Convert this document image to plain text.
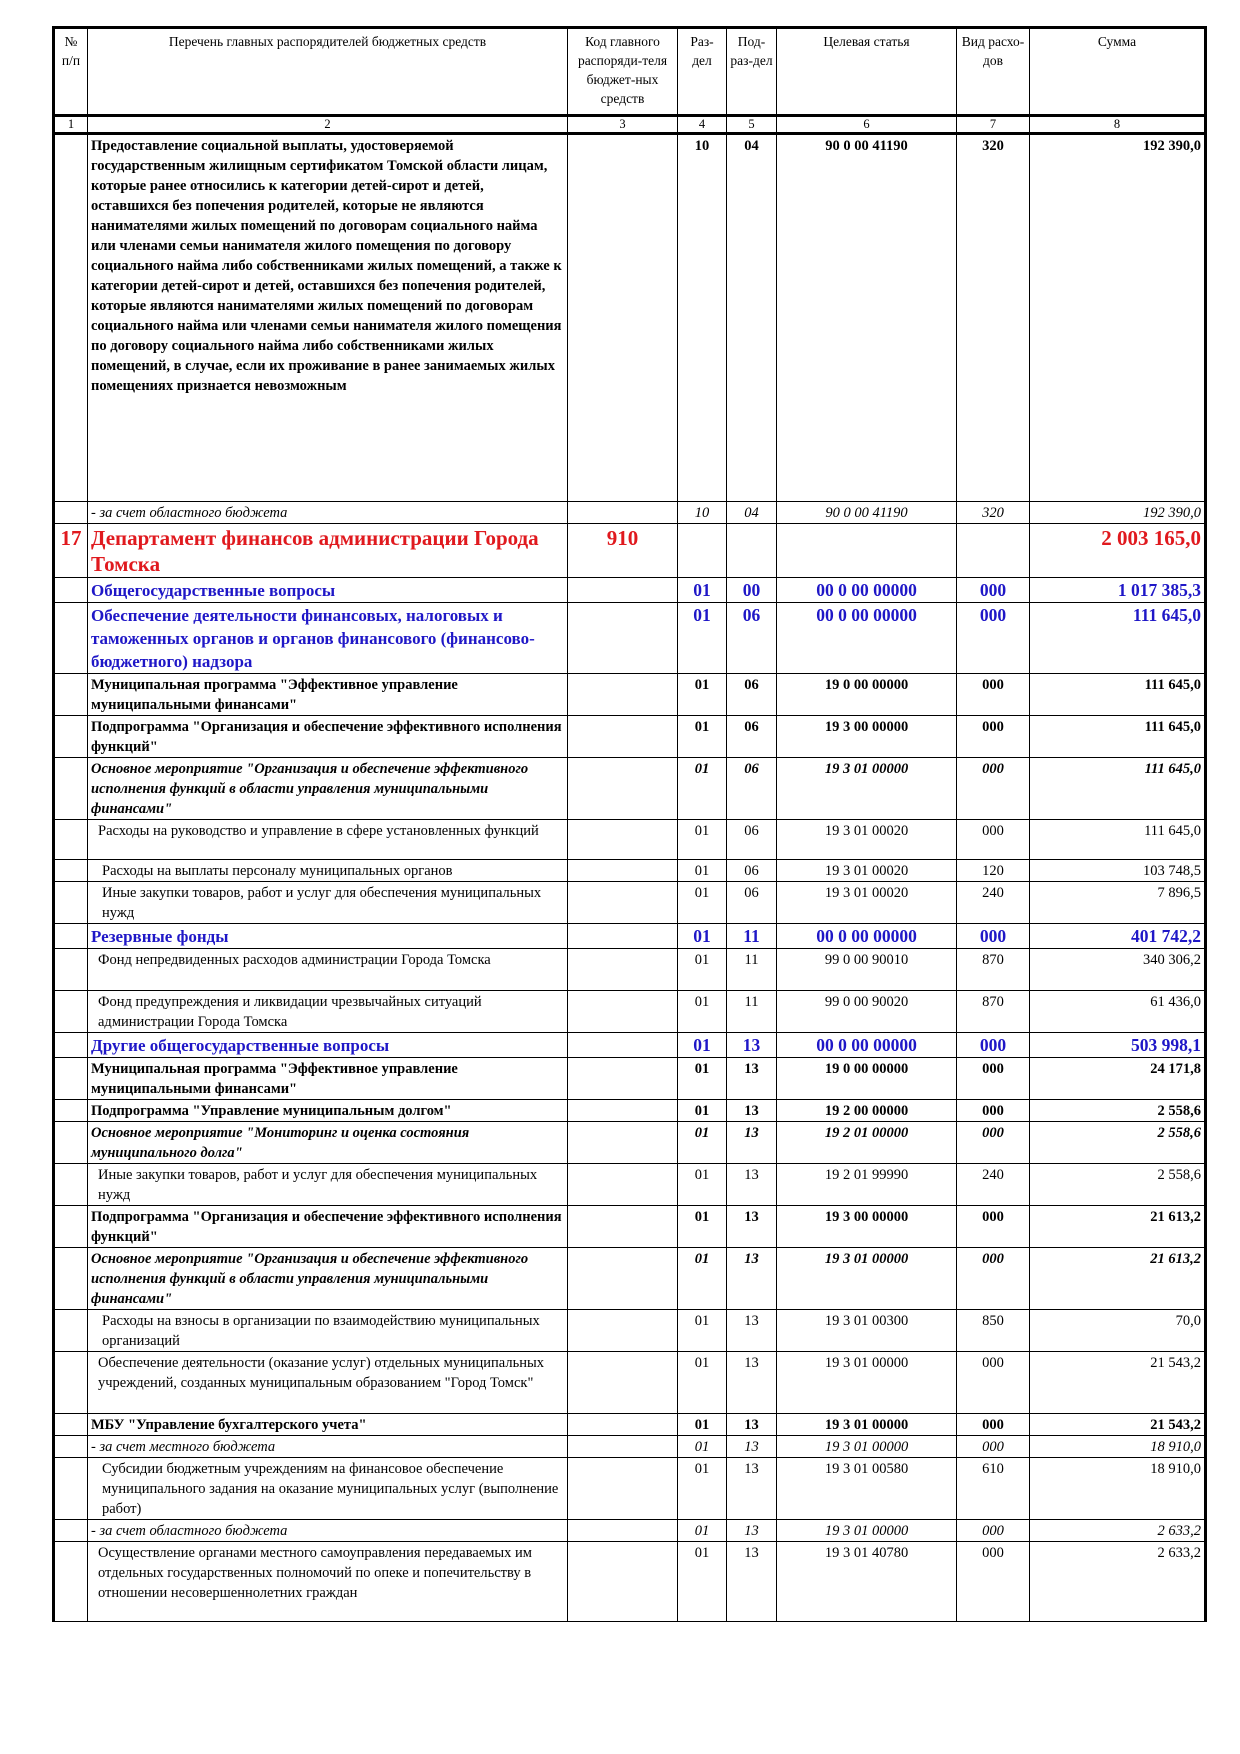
№ п/п	Перечень главных распорядителей бюджетных средств	Код главного распоряди-теля бюджет-ных средств	Раз-дел	Под-раз-дел	Целевая статья	Вид расхо-дов	Сумма
1	2	3	4	5	6	7	8
	Предоставление социальной выплаты, удостоверяемой государственным жилищным сертификатом Томской области лицам, которые ранее относились к категории детей-сирот и детей, оставшихся без попечения родителей, которые не являются нанимателями жилых помещений по договорам социального найма или членами семьи нанимателя жилого помещения по договору социального найма либо собственниками жилых помещений, а также к категории детей-сирот и детей, оставшихся без попечения родителей, которые являются нанимателями жилых помещений по договорам социального найма или членами семьи нанимателя жилого помещения по договору социального найма либо собственниками жилых помещений, в случае, если их проживание в ранее занимаемых жилых помещениях признается невозможным		10	04	90 0 00 41190	320	192 390,0
	- за счет областного бюджета		10	04	90 0 00 41190	320	192 390,0
17	Департамент финансов администрации Города Томска	910					2 003 165,0
	Общегосударственные вопросы		01	00	00 0 00 00000	000	1 017 385,3
	Обеспечение деятельности финансовых, налоговых и таможенных органов и органов финансового (финансово-бюджетного) надзора		01	06	00 0 00 00000	000	111 645,0
	Муниципальная программа "Эффективное управление муниципальными финансами"		01	06	19 0 00 00000	000	111 645,0
	Подпрограмма "Организация и обеспечение эффективного исполнения функций"		01	06	19 3 00 00000	000	111 645,0
	Основное мероприятие "Организация и обеспечение эффективного исполнения функций в области управления муниципальными финансами"		01	06	19 3 01 00000	000	111 645,0
	Расходы на руководство и управление в сфере установленных функций		01	06	19 3 01 00020	000	111 645,0
	Расходы на выплаты персоналу муниципальных органов		01	06	19 3 01 00020	120	103 748,5
	Иные закупки товаров, работ и услуг для обеспечения муниципальных нужд		01	06	19 3 01 00020	240	7 896,5
	Резервные фонды		01	11	00 0 00 00000	000	401 742,2
	Фонд непредвиденных расходов администрации Города Томска		01	11	99 0 00 90010	870	340 306,2
	Фонд предупреждения и ликвидации чрезвычайных ситуаций администрации Города Томска		01	11	99 0 00 90020	870	61 436,0
	Другие общегосударственные вопросы		01	13	00 0 00 00000	000	503 998,1
	Муниципальная программа "Эффективное управление муниципальными финансами"		01	13	19 0 00 00000	000	24 171,8
	Подпрограмма "Управление муниципальным долгом"		01	13	19 2 00 00000	000	2 558,6
	Основное мероприятие "Мониторинг и оценка состояния муниципального долга"		01	13	19 2 01 00000	000	2 558,6
	Иные закупки товаров, работ и услуг для обеспечения муниципальных нужд		01	13	19 2 01 99990	240	2 558,6
	Подпрограмма "Организация и обеспечение эффективного исполнения функций"		01	13	19 3 00 00000	000	21 613,2
	Основное мероприятие "Организация и обеспечение эффективного исполнения функций в области управления муниципальными финансами"		01	13	19 3 01 00000	000	21 613,2
	Расходы на взносы в организации по взаимодействию муниципальных организаций		01	13	19 3 01 00300	850	70,0
	Обеспечение деятельности (оказание услуг) отдельных муниципальных учреждений, созданных муниципальным образованием "Город Томск"		01	13	19 3 01 00000	000	21 543,2
	МБУ "Управление бухгалтерского учета"		01	13	19 3 01 00000	000	21 543,2
	- за счет местного бюджета		01	13	19 3 01 00000	000	18 910,0
	Субсидии бюджетным учреждениям на финансовое обеспечение муниципального задания на оказание муниципальных услуг (выполнение работ)		01	13	19 3 01 00580	610	18 910,0
	- за счет областного бюджета		01	13	19 3 01 00000	000	2 633,2
	Осуществление органами местного самоуправления передаваемых им отдельных государственных полномочий по опеке и попечительству в отношении несовершеннолетних граждан		01	13	19 3 01 40780	000	2 633,2
